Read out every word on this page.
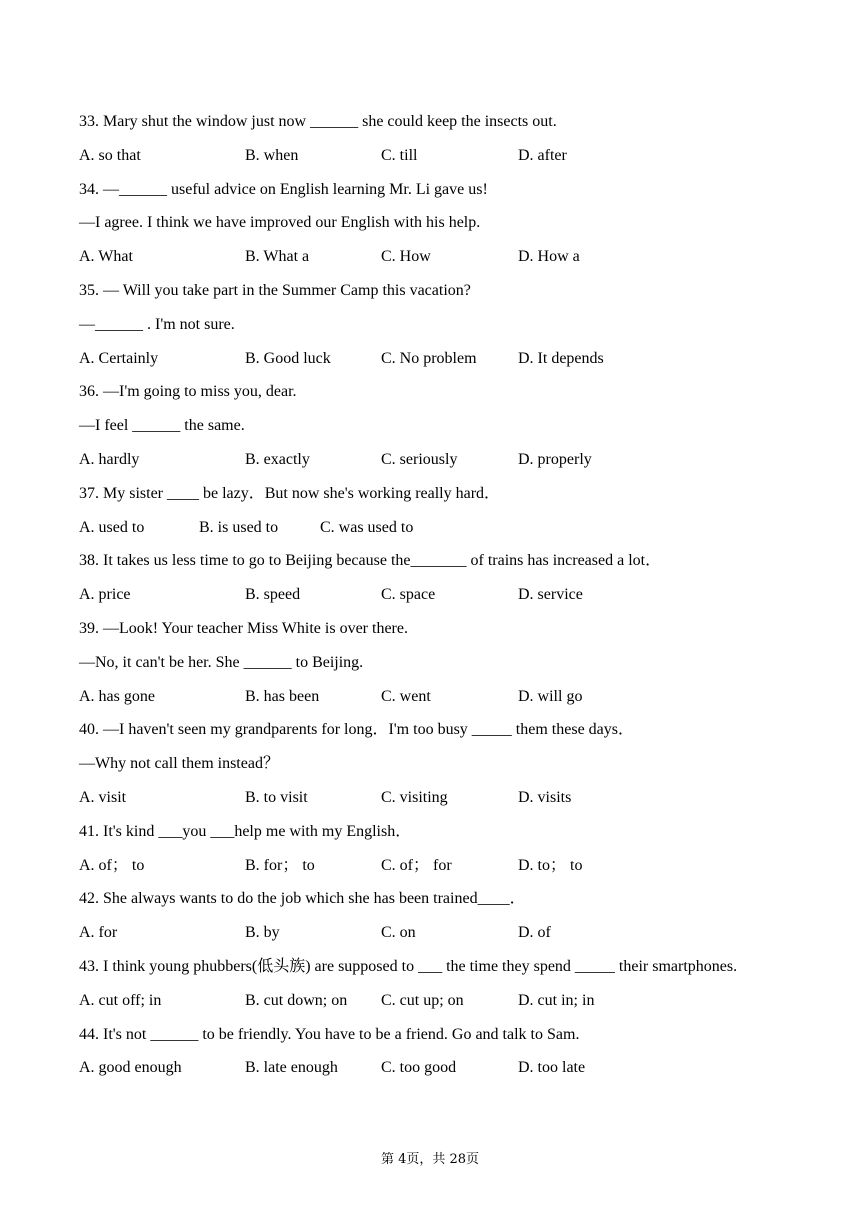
33. Mary shut the window just now ______ she could keep the insects out.
A. so that	B. when	C. till	D. after
34. —______ useful advice on English learning Mr. Li gave us!
—I agree. I think we have improved our English with his help.
A. What	B. What a	C. How	D. How a
35. — Will you take part in the Summer Camp this vacation?
—______ . I'm not sure.
A. Certainly	B. Good luck	C. No problem	D. It depends
36. —I'm going to miss you, dear.
—I feel ______ the same.
A. hardly	B. exactly	C. seriously	D. properly
37. My sister ____ be lazy．But now she's working really hard．
A. used to	B. is used to	C. was used to
38. It takes us less time to go to Beijing because the_______ of trains has increased a lot．
A. price	B. speed	C. space	D. service
39. —Look! Your teacher Miss White is over there.
—No, it can't be her. She ______ to Beijing.
A. has gone	B. has been	C. went	D. will go
40. —I haven't seen my grandparents for long．I'm too busy _____ them these days．
—Why not call them instead？
A. visit	B. to visit	C. visiting	D. visits
41. It's kind ___you ___help me with my English．
A. of； to	B. for； to	C. of； for	D. to； to
42. She always wants to do the job which she has been trained____．
A. for	B. by	C. on	D. of
43. I think young phubbers(低头族) are supposed to ___ the time they spend _____ their smartphones.
A. cut off; in	B. cut down; on C. cut up; on	D. cut in; in
44. It's not ______ to be friendly. You have to be a friend. Go and talk to Sam.
A. good enough	B. late enough	C. too good	D. too late
第 4页，共 28页
